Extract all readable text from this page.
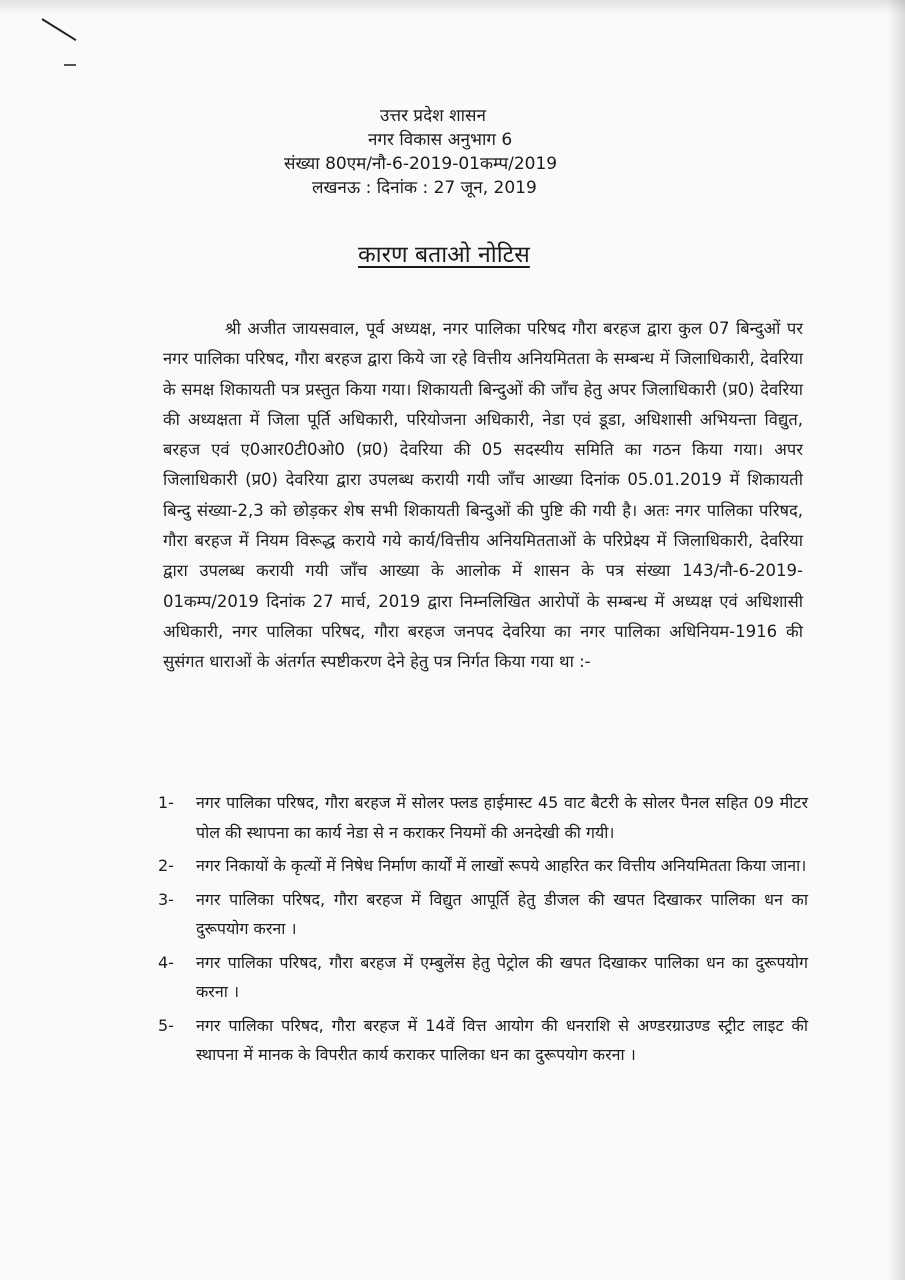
उत्तर प्रदेश शासन
नगर विकास अनुभाग 6
संख्या 80एम/नौ-6-2019-01कम्प/2019
लखनऊ : दिनांक : 27 जून, 2019
कारण बताओ नोटिस
श्री अजीत जायसवाल, पूर्व अध्यक्ष, नगर पालिका परिषद गौरा बरहज द्वारा कुल 07 बिन्दुओं पर नगर पालिका परिषद, गौरा बरहज द्वारा किये जा रहे वित्तीय अनियमितता के सम्बन्ध में जिलाधिकारी, देवरिया के समक्ष शिकायती पत्र प्रस्तुत किया गया। शिकायती बिन्दुओं की जाँच हेतु अपर जिलाधिकारी (प्र0) देवरिया की अध्यक्षता में जिला पूर्ति अधिकारी, परियोजना अधिकारी, नेडा एवं डूडा, अधिशासी अभियन्ता विद्युत, बरहज एवं ए0आर0टी0ओ0 (प्र0) देवरिया की 05 सदस्यीय समिति का गठन किया गया। अपर जिलाधिकारी (प्र0) देवरिया द्वारा उपलब्ध करायी गयी जाँच आख्या दिनांक 05.01.2019 में शिकायती बिन्दु संख्या-2,3 को छोड़कर शेष सभी शिकायती बिन्दुओं की पुष्टि की गयी है। अतः नगर पालिका परिषद, गौरा बरहज में नियम विरूद्ध कराये गये कार्य/वित्तीय अनियमितताओं के परिप्रेक्ष्य में जिलाधिकारी, देवरिया द्वारा उपलब्ध करायी गयी जाँच आख्या के आलोक में शासन के पत्र संख्या 143/नौ-6-2019-01कम्प/2019 दिनांक 27 मार्च, 2019 द्वारा निम्नलिखित आरोपों के सम्बन्ध में अध्यक्ष एवं अधिशासी अधिकारी, नगर पालिका परिषद, गौरा बरहज जनपद देवरिया का नगर पालिका अधिनियम-1916 की सुसंगत धाराओं के अंतर्गत स्पष्टीकरण देने हेतु पत्र निर्गत किया गया था :-
1-	नगर पालिका परिषद, गौरा बरहज में सोलर फ्लड हाईमास्ट 45 वाट बैटरी के सोलर पैनल सहित 09 मीटर पोल की स्थापना का कार्य नेडा से न कराकर नियमों की अनदेखी की गयी।
2-	नगर निकायों के कृत्यों में निषेध निर्माण कार्यों में लाखों रूपये आहरित कर वित्तीय अनियमितता किया जाना।
3-	नगर पालिका परिषद, गौरा बरहज में विद्युत आपूर्ति हेतु डीजल की खपत दिखाकर पालिका धन का दुरूपयोग करना ।
4-	नगर पालिका परिषद, गौरा बरहज में एम्बुलेंस हेतु पेट्रोल की खपत दिखाकर पालिका धन का दुरूपयोग करना ।
5-	नगर पालिका परिषद, गौरा बरहज में 14वें वित्त आयोग की धनराशि से अण्डरग्राउण्ड स्ट्रीट लाइट की स्थापना में मानक के विपरीत कार्य कराकर पालिका धन का दुरूपयोग करना ।
